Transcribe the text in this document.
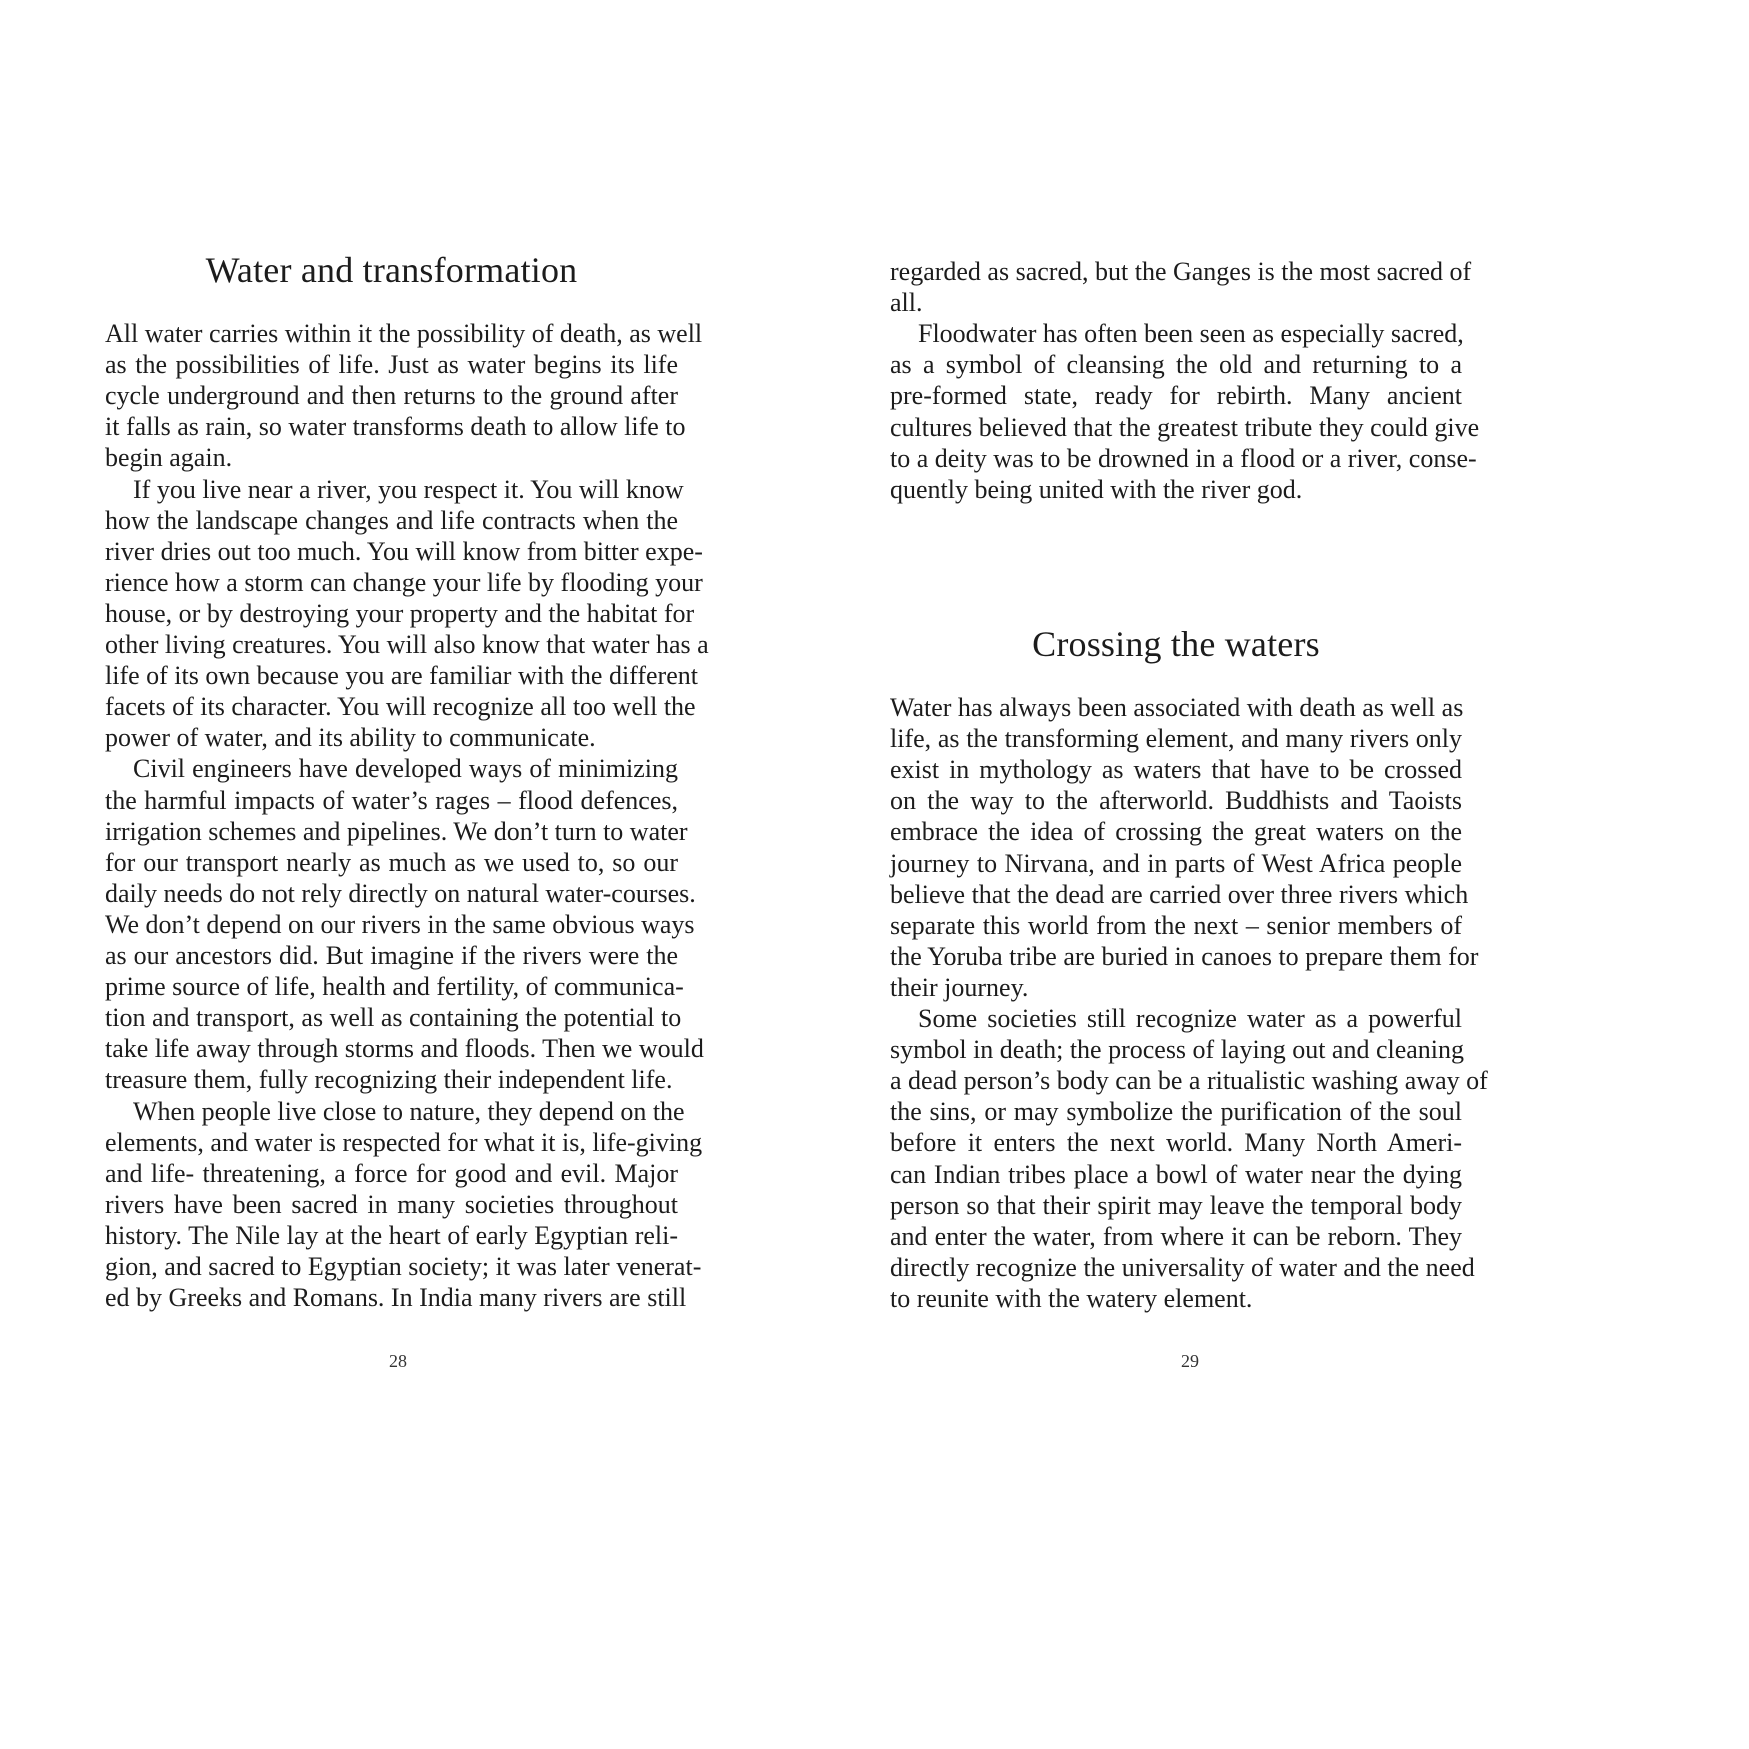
Water and transformation
All water carries within it the possibility of death, as well
as the possibilities of life. Just as water begins its life
cycle underground and then returns to the ground after
it falls as rain, so water transforms death to allow life to
begin again.
If you live near a river, you respect it. You will know
how the landscape changes and life contracts when the
river dries out too much. You will know from bitter expe-
rience how a storm can change your life by flooding your
house, or by destroying your property and the habitat for
other living creatures. You will also know that water has a
life of its own because you are familiar with the different
facets of its character. You will recognize all too well the
power of water, and its ability to communicate.
Civil engineers have developed ways of minimizing
the harmful impacts of water’s rages – flood defences,
irrigation schemes and pipelines. We don’t turn to water
for our transport nearly as much as we used to, so our
daily needs do not rely directly on natural water-courses.
We don’t depend on our rivers in the same obvious ways
as our ancestors did. But imagine if the rivers were the
prime source of life, health and fertility, of communica-
tion and transport, as well as containing the potential to
take life away through storms and floods. Then we would
treasure them, fully recognizing their independent life.
When people live close to nature, they depend on the
elements, and water is respected for what it is, life-giving
and life- threatening, a force for good and evil. Major
rivers have been sacred in many societies throughout
history. The Nile lay at the heart of early Egyptian reli-
gion, and sacred to Egyptian society; it was later venerat-
ed by Greeks and Romans. In India many rivers are still
28
regarded as sacred, but the Ganges is the most sacred of
all.
Floodwater has often been seen as especially sacred,
as a symbol of cleansing the old and returning to a
pre-formed state, ready for rebirth. Many ancient
cultures believed that the greatest tribute they could give
to a deity was to be drowned in a flood or a river, conse-
quently being united with the river god.
Crossing the waters
Water has always been associated with death as well as
life, as the transforming element, and many rivers only
exist in mythology as waters that have to be crossed
on the way to the afterworld. Buddhists and Taoists
embrace the idea of crossing the great waters on the
journey to Nirvana, and in parts of West Africa people
believe that the dead are carried over three rivers which
separate this world from the next – senior members of
the Yoruba tribe are buried in canoes to prepare them for
their journey.
Some societies still recognize water as a powerful
symbol in death; the process of laying out and cleaning
a dead person’s body can be a ritualistic washing away of
the sins, or may symbolize the purification of the soul
before it enters the next world. Many North Ameri-
can Indian tribes place a bowl of water near the dying
person so that their spirit may leave the temporal body
and enter the water, from where it can be reborn. They
directly recognize the universality of water and the need
to reunite with the watery element.
29
